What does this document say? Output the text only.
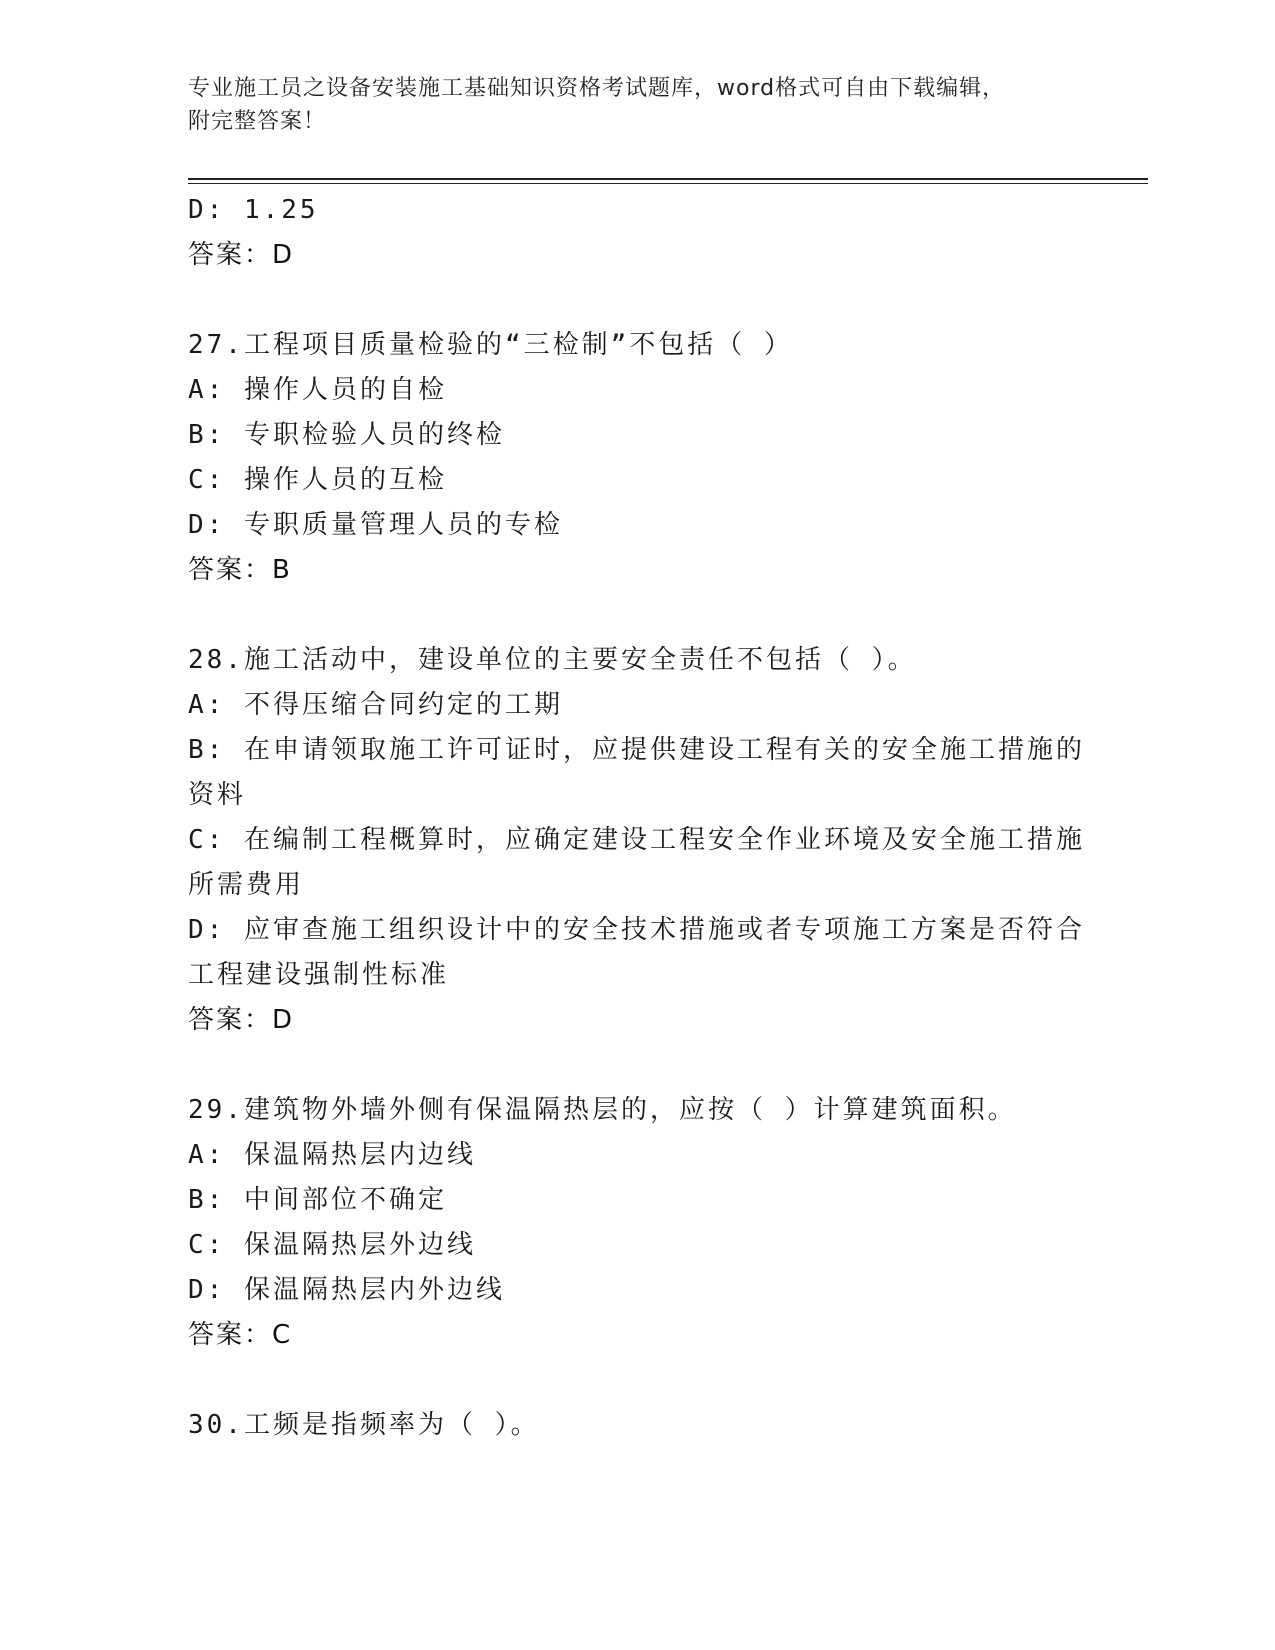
专业施工员之设备安装施工基础知识资格考试题库，word格式可自由下载编辑，
附完整答案！
D: 1.25
答案：D
27.工程项目质量检验的“三检制”不包括（ ）
A: 操作人员的自检
B: 专职检验人员的终检
C: 操作人员的互检
D: 专职质量管理人员的专检
答案：B
28.施工活动中，建设单位的主要安全责任不包括（ ）。
A: 不得压缩合同约定的工期
B: 在申请领取施工许可证时，应提供建设工程有关的安全施工措施的
资料
C: 在编制工程概算时，应确定建设工程安全作业环境及安全施工措施
所需费用
D: 应审查施工组织设计中的安全技术措施或者专项施工方案是否符合
工程建设强制性标准
答案：D
29.建筑物外墙外侧有保温隔热层的，应按（ ）计算建筑面积。
A: 保温隔热层内边线
B: 中间部位不确定
C: 保温隔热层外边线
D: 保温隔热层内外边线
答案：C
30.工频是指频率为（ ）。
